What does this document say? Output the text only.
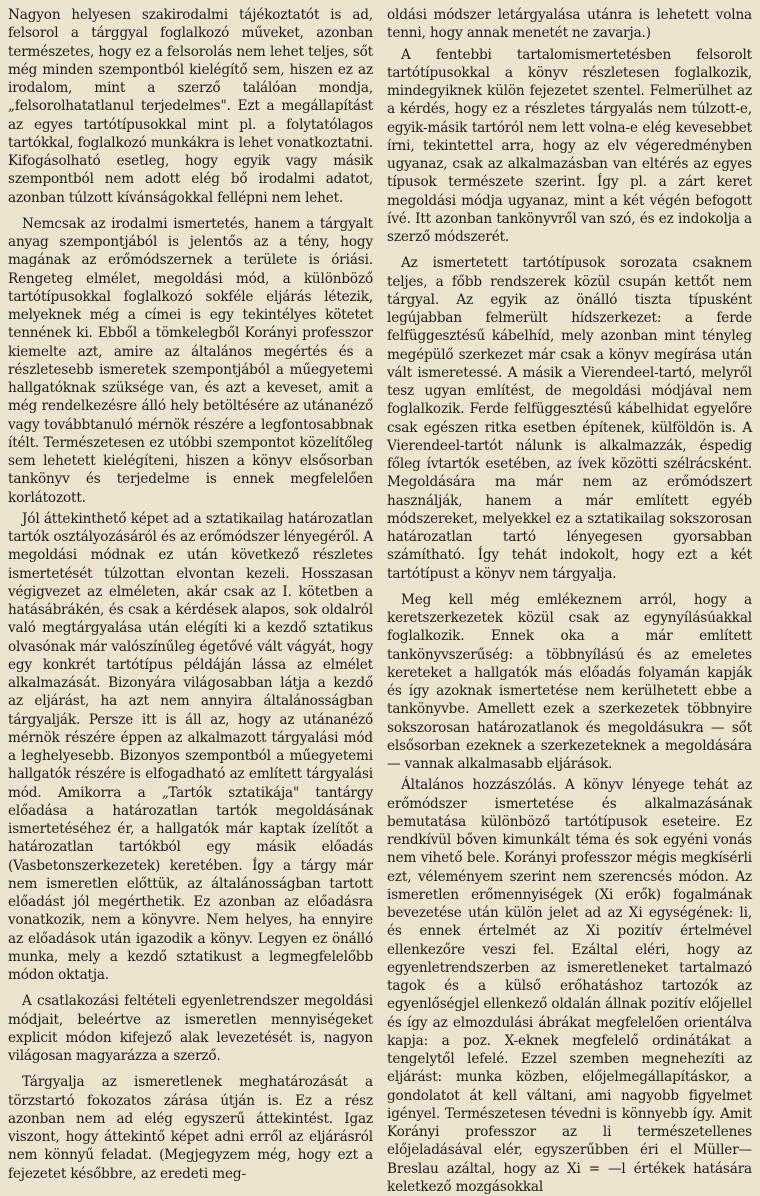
Nagyon helyesen szakirodalmi tájékoztatót is ad, felsorol a tárggyal foglalkozó műveket, azonban természetes, hogy ez a felsorolás nem lehet teljes, sőt még minden szempontból kielégítő sem, hiszen ez az irodalom, mint a szerző találóan mondja, „felsorolhatatlanul terjedelmes". Ezt a megállapítást az egyes tartótípusokkal mint pl. a folytatólagos tartókkal, foglalkozó munkákra is lehet vonatkoztatni. Kifogásolható esetleg, hogy egyik vagy másik szempontból nem adott elég bő irodalmi adatot, azonban túlzott kívánságokkal fellépni nem lehet.

Nemcsak az irodalmi ismertetés, hanem a tárgyalt anyag szempontjából is jelentős az a tény, hogy magának az erőmódszernek a területe is óriási. Rengeteg elmélet, megoldási mód, a különböző tartótípusokkal foglalkozó sokféle eljárás létezik, melyeknek még a címei is egy tekintélyes kötetet tennének ki. Ebből a tömkelegből Korányi professzor kiemelte azt, amire az általános megértés és a részletesebb ismeretek szempontjából a műegyetemi hallgatóknak szüksége van, és azt a keveset, amit a még rendelkezésre álló hely betöltésére az utánanéző vagy továbbtanuló mérnök részére a legfontosabbnak ítélt. Természetesen ez utóbbi szempontot közelítőleg sem lehetett kielégíteni, hiszen a könyv elsősorban tankönyv és terjedelme is ennek megfelelően korlátozott.

Jól áttekinthető képet ad a sztatikailag határozatlan tartók osztályozásáról és az erőmódszer lényegéről. A megoldási módnak ez után következő részletes ismertetését túlzottan elvontan kezeli. Hosszasan végigvezet az elméleten, akár csak az I. kötetben a hatásábrákén, és csak a kérdések alapos, sok oldalról való megtárgyalása után elégíti ki a kezdő sztatikus olvasónak már valószínűleg égetővé vált vágyát, hogy egy konkrét tartótípus példáján lássa az elmélet alkalmazását. Bizonyára világosabban látja a kezdő az eljárást, ha azt nem annyira általánosságban tárgyalják. Persze itt is áll az, hogy az utánanéző mérnök részére éppen az alkalmazott tárgyalási mód a leghelyesebb. Bizonyos szempontból a műegyetemi hallgatók részére is elfogadható az említett tárgyalási mód. Amikorra a „Tartók sztatikája" tantárgy előadása a határozatlan tartók megoldásának ismertetéséhez ér, a hallgatók már kaptak ízelítőt a határozatlan tartókból egy másik előadás (Vasbetonszerkezetek) keretében. Így a tárgy már nem ismeretlen előttük, az általánosságban tartott előadást jól megérthetik. Ez azonban az előadásra vonatkozik, nem a könyvre. Nem helyes, ha ennyire az előadások után igazodik a könyv. Legyen ez önálló munka, mely a kezdő sztatikust a legmegfelelőbb módon oktatja.

A csatlakozási feltételi egyenletrendszer megoldási módjait, beleértve az ismeretlen mennyiségeket explicit módon kifejező alak levezetését is, nagyon világosan magyarázza a szerző.

Tárgyalja az ismeretlenek meghatározását a törzstartó fokozatos zárása útján is. Ez a rész azonban nem ad elég egyszerű áttekintést. Igaz viszont, hogy áttekintő képet adni erről az eljárásról nem könnyű feladat. (Megjegyzem még, hogy ezt a fejezetet későbbre, az eredeti meg-

oldási módszer letárgyalása utánra is lehetett volna tenni, hogy annak menetét ne zavarja.)

A fentebbi tartalomismertetésben felsorolt tartótípusokkal a könyv részletesen foglalkozik, mindegyiknek külön fejezetet szentel. Felmerülhet az a kérdés, hogy ez a részletes tárgyalás nem túlzott-e, egyik-másik tartóról nem lett volna-e elég kevesebbet írni, tekintettel arra, hogy az elv végeredményben ugyanaz, csak az alkalmazásban van eltérés az egyes típusok természete szerint. Így pl. a zárt keret megoldási módja ugyanaz, mint a két végén befogott ívé. Itt azonban tankönyvről van szó, és ez indokolja a szerző módszerét.

Az ismertetett tartótípusok sorozata csaknem teljes, a főbb rendszerek közül csupán kettőt nem tárgyal. Az egyik az önálló tiszta típusként legújabban felmerült hídszerkezet: a ferde felfüggesztésű kábelhíd, mely azonban mint tényleg megépülő szerkezet már csak a könyv megírása után vált ismeretessé. A másik a Vierendeel-tartó, melyről tesz ugyan említést, de megoldási módjával nem foglalkozik. Ferde felfüggesztésű kábelhidat egyelőre csak egészen ritka esetben építenek, külföldön is. A Vierendeel-tartót nálunk is alkalmazzák, éspedig főleg ívtartók esetében, az ívek közötti szélrácsként. Megoldására ma már nem az erőmódszert használják, hanem a már említett egyéb módszereket, melyekkel ez a sztatikailag sokszorosan határozatlan tartó lényegesen gyorsabban számítható. Így tehát indokolt, hogy ezt a két tartótípust a könyv nem tárgyalja.

Meg kell még emlékeznem arról, hogy a keretszerkezetek közül csak az egynyílásúakkal foglalkozik. Ennek oka a már említett tankönyvszerűség: a többnyílású és az emeletes kereteket a hallgatók más előadás folyamán kapják és így azoknak ismertetése nem kerülhetett ebbe a tankönyvbe. Amellett ezek a szerkezetek többnyire sokszorosan határozatlanok és megoldásukra — sőt elsősorban ezeknek a szerkezeteknek a megoldására — vannak alkalmasabb eljárások.

Általános hozzászólás. A könyv lényege tehát az erőmódszer ismertetése és alkalmazásának bemutatása különböző tartótípusok eseteire. Ez rendkívül bőven kimunkált téma és sok egyéni vonás nem vihető bele. Korányi professzor mégis megkísérli ezt, véleményem szerint nem szerencsés módon. Az ismeretlen erőmennyiségek (Xi erők) fogalmának bevezetése után külön jelet ad az Xi egységének: li, és ennek értelmét az Xi pozitív értelmével ellenkezőre veszi fel. Ezáltal eléri, hogy az egyenletrendszerben az ismeretleneket tartalmazó tagok és a külső erőhatáshoz tartozók az egyenlőségjel ellenkező oldalán állnak pozitív előjellel és így az elmozdulási ábrákat megfelelően orientálva kapja: a poz. X-eknek megfelelő ordinátákat a tengelytől lefelé. Ezzel szemben megnehezíti az eljárást: munka közben, előjelmegállapításkor, a gondolatot át kell váltani, ami nagyobb figyelmet igényel. Természetesen tévedni is könnyebb így. Amit Korányi professzor az li természetellenes előjeladásával elér, egyszerűbben éri el Müller—Breslau azáltal, hogy az Xi = —l értékek hatására keletkező mozgásokkal
